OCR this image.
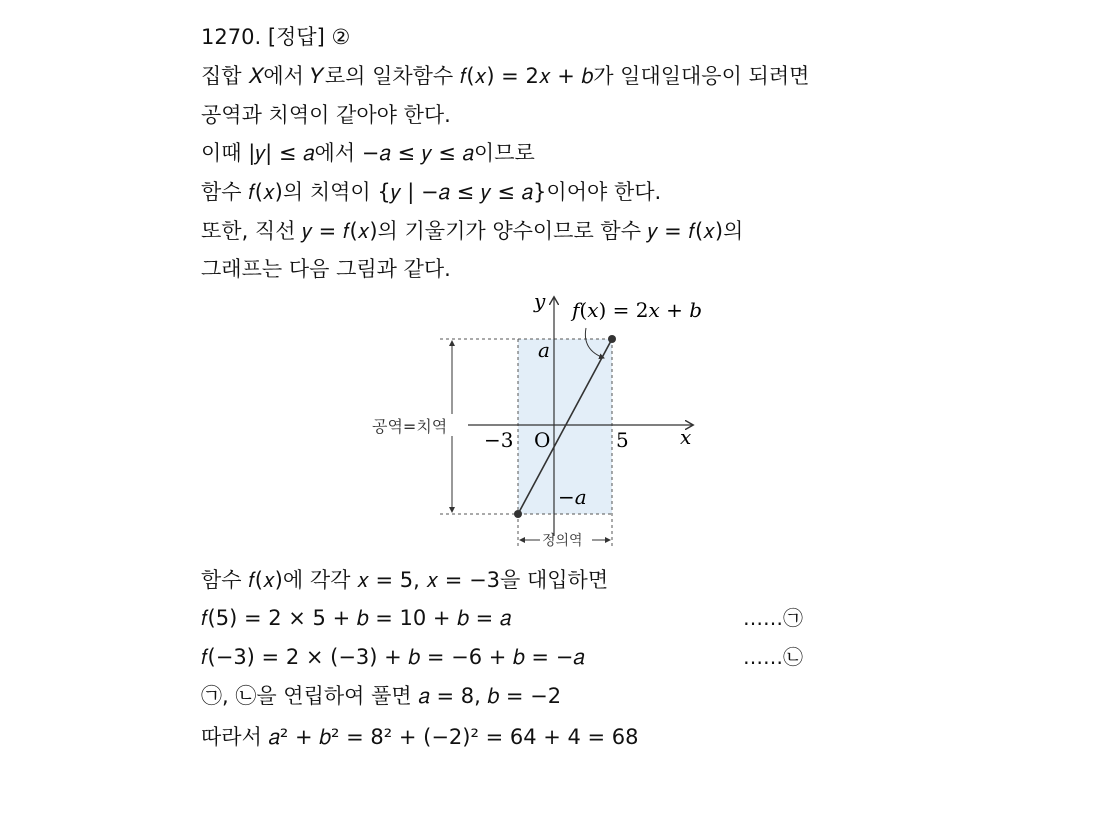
1270. [정답] ②
집합 𝑋에서 𝑌로의 일차함수 𝑓(𝑥) = 2𝑥 + 𝑏가 일대일대응이 되려면
공역과 치역이 같아야 한다.
이때 |𝑦| ≤ 𝑎에서 −𝑎 ≤ 𝑦 ≤ 𝑎이므로
함수 𝑓(𝑥)의 치역이 {𝑦 | −𝑎 ≤ 𝑦 ≤ 𝑎}이어야 한다.
또한, 직선 𝑦 = 𝑓(𝑥)의 기울기가 양수이므로 함수 𝑦 = 𝑓(𝑥)의
그래프는 다음 그림과 같다.
𝑦 𝑓(𝑥) = 2𝑥 + 𝑏
𝑎
O
−3	5	𝑥
−𝑎
공역=치역
정의역
함수 𝑓(𝑥)에 각각 𝑥 = 5, 𝑥 = −3을 대입하면
𝑓(5) = 2 × 5 + 𝑏 = 10 + 𝑏 = 𝑎	……㉠
𝑓(−3) = 2 × (−3) + 𝑏 = −6 + 𝑏 = −𝑎	……㉡
㉠, ㉡을 연립하여 풀면 𝑎 = 8, 𝑏 = −2
따라서 𝑎² + 𝑏² = 8² + (−2)² = 64 + 4 = 68
